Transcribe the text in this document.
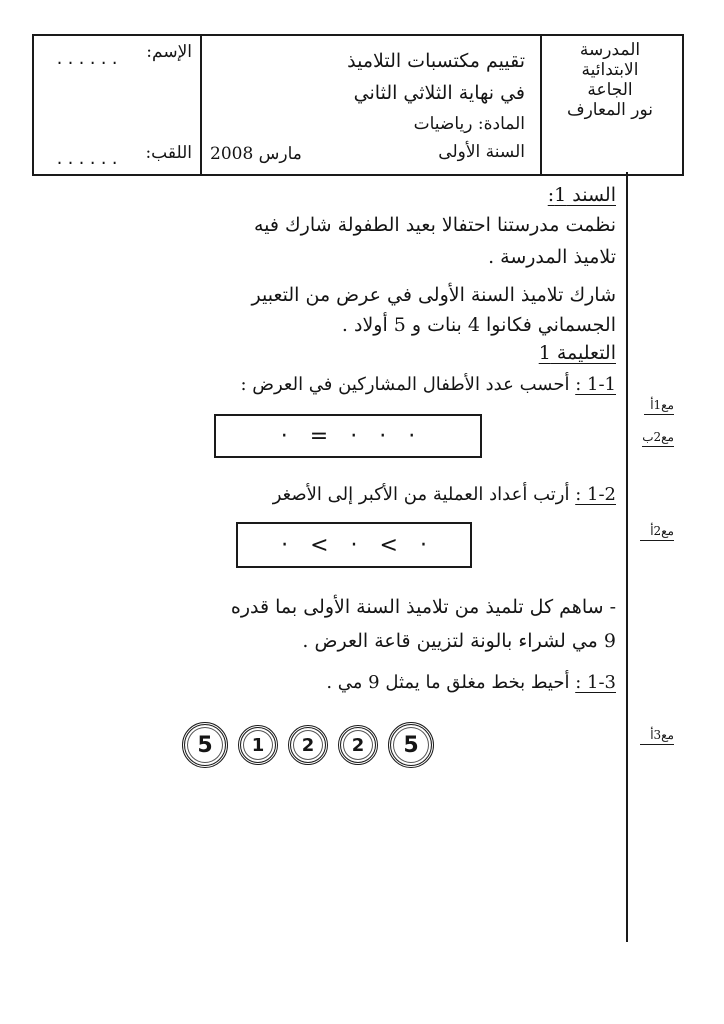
المدرسة
الابتدائية
الجاعة
نور المعارف
تقييم مكتسبات التلاميذ
في نهاية الثلاثي الثاني
المادة: رياضيات
السنة الأولى
مارس 2008
الإسم:
......
اللقب:
......
مع1أ
مع2ب
مع2أ
مع3أ
السند 1:
نظمت مدرستنا احتفالا بعيد الطفولة شارك فيه
تلاميذ المدرسة .
شارك تلاميذ السنة الأولى في عرض من التعبير
الجسماني فكانوا 4 بنات و 5 أولاد .
التعليمة 1
1-1 : أحسب عدد الأطفال المشاركين في العرض :
· = · · ·
1-2 : أرتب أعداد العملية من الأكبر إلى الأصغر
· < · < ·
- ساهم كل تلميذ من تلاميذ السنة الأولى بما قدره
9 مي لشراء بالونة لتزيين قاعة العرض .
1-3 : أحيط بخط مغلق ما يمثل 9 مي .
5	1	2	2	5
